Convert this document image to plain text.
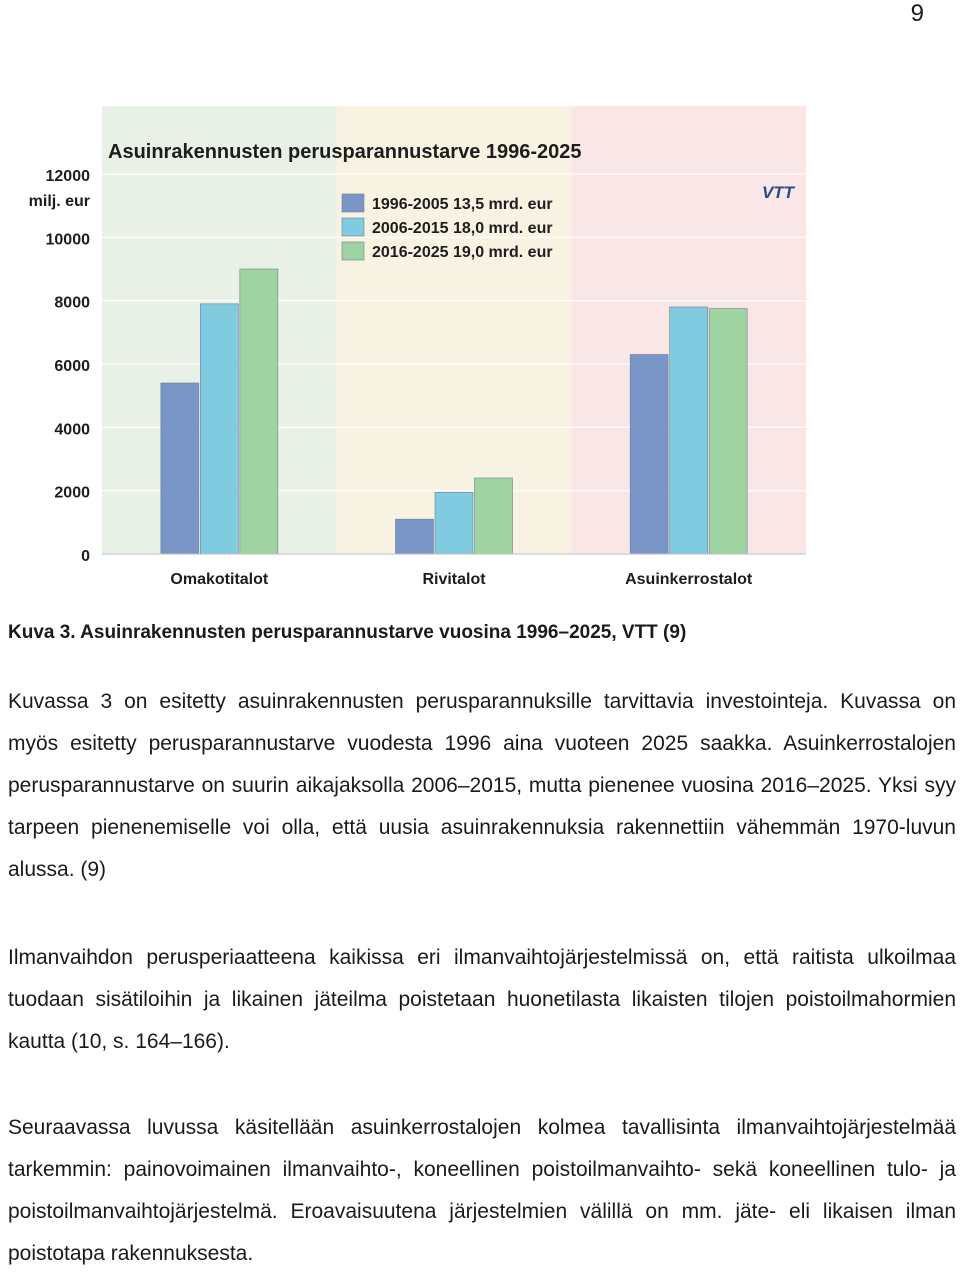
9
Asuinrakennusten perusparannustarve 1996-2025
0
2000
4000
6000
8000
10000
12000
milj. eur
Omakotitalot	Rivitalot	Asuinkerrostalot
1996-2005 13,5 mrd. eur
2006-2015 18,0 mrd. eur
2016-2025 19,0 mrd. eur
VTT
Kuva 3. Asuinrakennusten perusparannustarve vuosina 1996–2025, VTT (9)

Kuvassa 3 on esitetty asuinrakennusten perusparannuksille tarvittavia investointeja. Kuvassa on myös esitetty perusparannustarve vuodesta 1996 aina vuoteen 2025 saakka. Asuinkerrostalojen perusparannustarve on suurin aikajaksolla 2006–2015, mutta pienenee vuosina 2016–2025. Yksi syy tarpeen pienenemiselle voi olla, että uusia asuinrakennuksia rakennettiin vähemmän 1970-luvun alussa. (9)

Ilmanvaihdon perusperiaatteena kaikissa eri ilmanvaihtojärjestelmissä on, että raitista ulkoilmaa tuodaan sisätiloihin ja likainen jäteilma poistetaan huonetilasta likaisten tilojen poistoilmahormien kautta (10, s. 164–166).

Seuraavassa luvussa käsitellään asuinkerrostalojen kolmea tavallisinta ilmanvaihtojärjestelmää tarkemmin: painovoimainen ilmanvaihto-, koneellinen poistoilmanvaihto- sekä koneellinen tulo- ja poistoilmanvaihtojärjestelmä. Eroavaisuutena järjestelmien välillä on mm. jäte- eli likaisen ilman poistotapa rakennuksesta.
